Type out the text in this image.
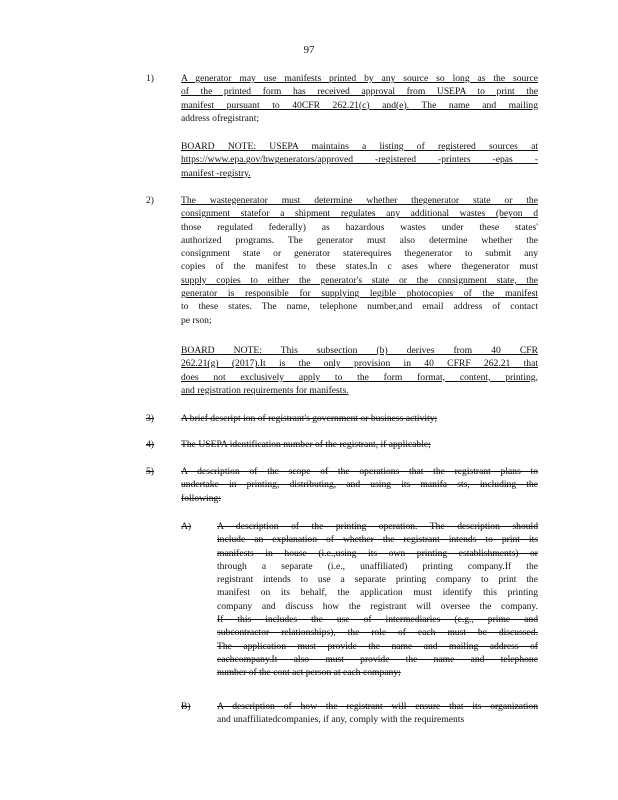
97
1)	A generator may use manifests printed by any source so long as the source
of the printed form has received approval from USEPA to print the
manifest pursuant to 40CFR 262.21(c) and(e). The name and mailing
address ofregistrant;
BOARD NOTE: USEPA maintains a listing of registered sources at
https://www.epa.gov/hwgenerators/approved -registered -printers -epas -
manifest -registry.
2)	The wastegenerator must determine whether thegenerator state or the
consignment statefor a shipment regulates any additional wastes (beyon d
those regulated federally) as hazardous wastes under these states'
authorized programs. The generator must also determine whether the
consignment state or generator staterequires thegenerator to submit any
copies of the manifest to these states.In c ases where thegenerator must
supply copies to either the generator's state or the consignment state, the
generator is responsible for supplying legible photocopies of the manifest
to these states. The name, telephone number,and email address of contact
pe rson;
BOARD NOTE: This subsection (b) derives from 40 CFR
262.21(g) (2017).It is the only provision in 40 CFRF 262.21 that
does not exclusively apply to the form format, content, printing,
and registration requirements for manifests.
3)	A brief descript ion of registrant's government or business activity;
4)	The USEPA identification number of the registrant, if applicable;
5)	A description of the scope of the operations that the registrant plans to
undertake in printing, distributing, and using its manifa sts, including the
following:
A)	A description of the printing operation. The description should
include an explanation of whether the registrant intends to print its
manifests in house (i.e.,using its own printing establishments) or
through a separate (i.e., unaffiliated) printing company.If the
registrant intends to use a separate printing company to print the
manifest on its behalf, the application must identify this printing
company and discuss how the registrant will oversee the company.
If this includes the use of intermediaries (e.g., prime and
subcontractor relationships), the role of each must be discussed.
The application must provide the name and mailing address of
eachcompany.It also must provide the name and telephone
number of the cont act person at each company;
B)	A description of how the registrant will ensure that its organization
and unaffiliatedcompanies, if any, comply with the requirements
